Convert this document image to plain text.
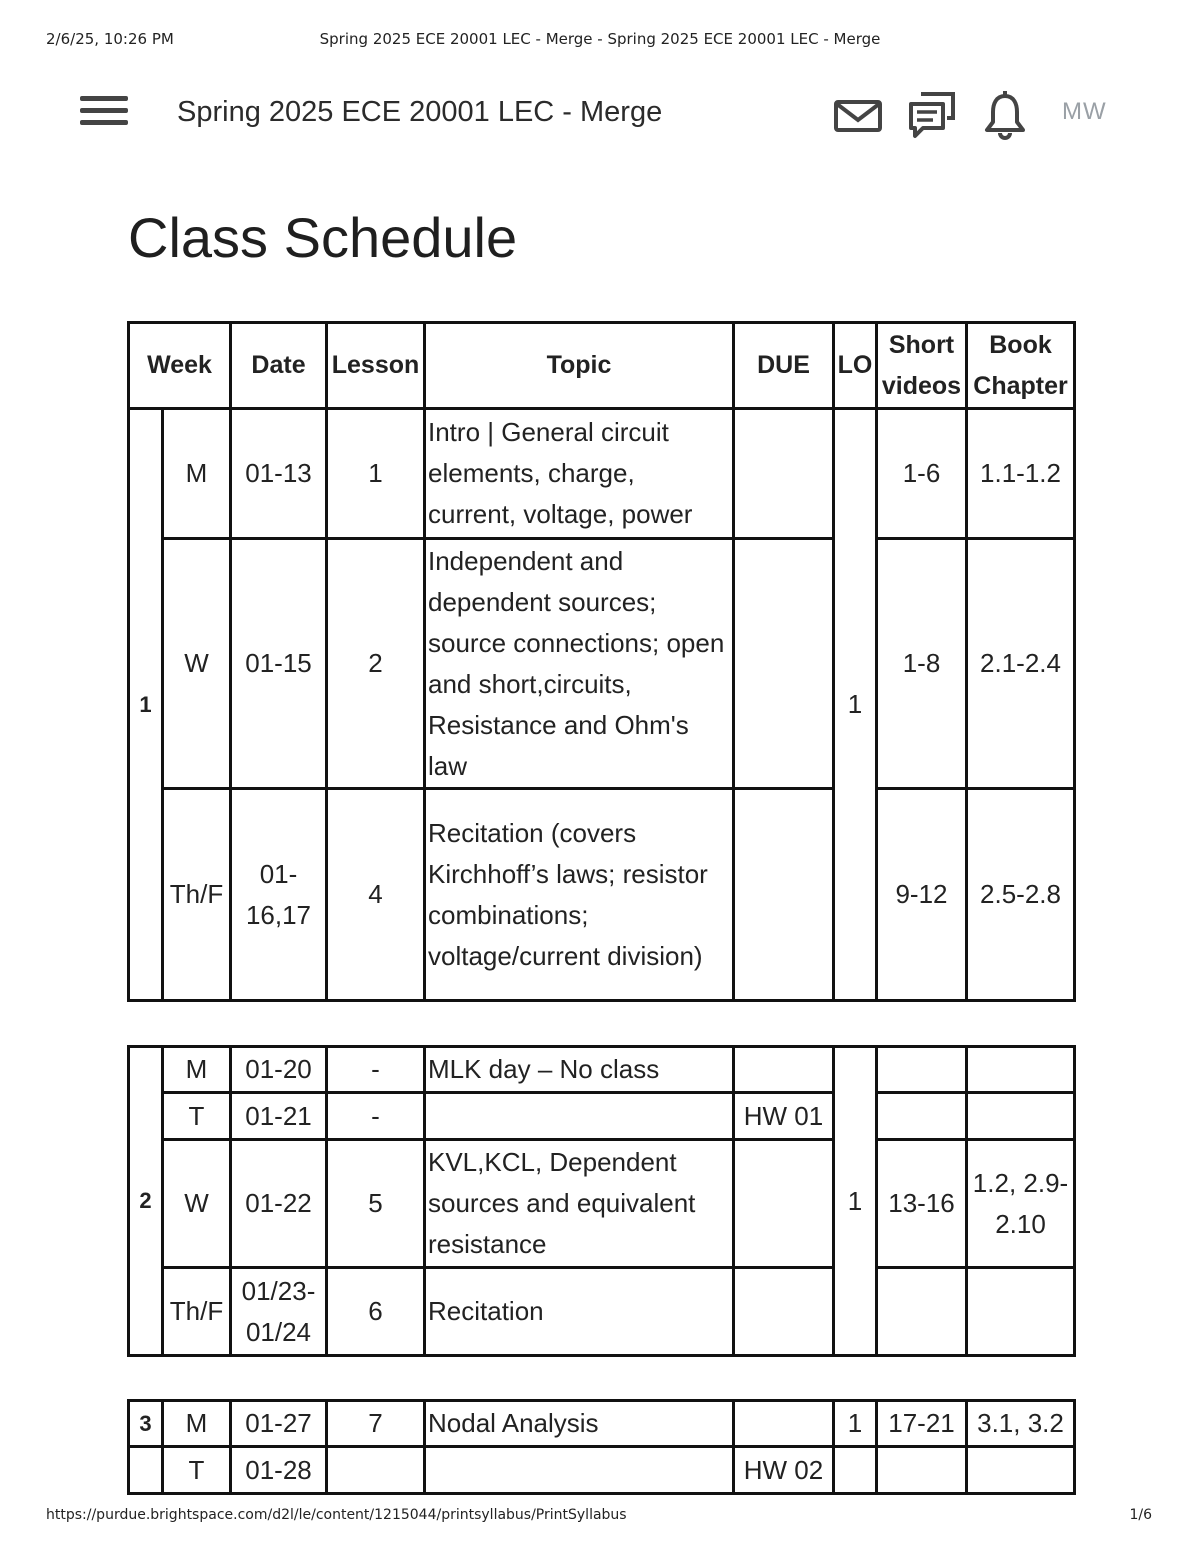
2/6/25, 10:26 PM	Spring 2025 ECE 20001 LEC - Merge - Spring 2025 ECE 20001 LEC - Merge
https://purdue.brightspace.com/d2l/le/content/1215044/printsyllabus/PrintSyllabus	1/6
Spring 2025 ECE 20001 LEC - Merge	MW
Class Schedule
Week		Date	Lesson	Topic	DUE	LO	Short videos	Book Chapter
1	M	01-13	1	Intro | General circuit elements, charge, current, voltage, power		1	1-6	1.1-1.2
	W	01-15	2	Independent and dependent sources; source connections; open and short,circuits, Resistance and Ohm's law			1-8	2.1-2.4
	Th/F	01-16,17	4	Recitation (covers Kirchhoff’s laws; resistor combinations; voltage/current division)			9-12	2.5-2.8
2	M	01-20	-	MLK day – No class		1		
	T	01-21	-		HW 01			
	W	01-22	5	KVL,KCL, Dependent sources and equivalent resistance			13-16	1.2, 2.9-2.10
	Th/F	01/23-01/24	6	Recitation				
3	M	01-27	7	Nodal Analysis		1	17-21	3.1, 3.2
	T	01-28			HW 02			
